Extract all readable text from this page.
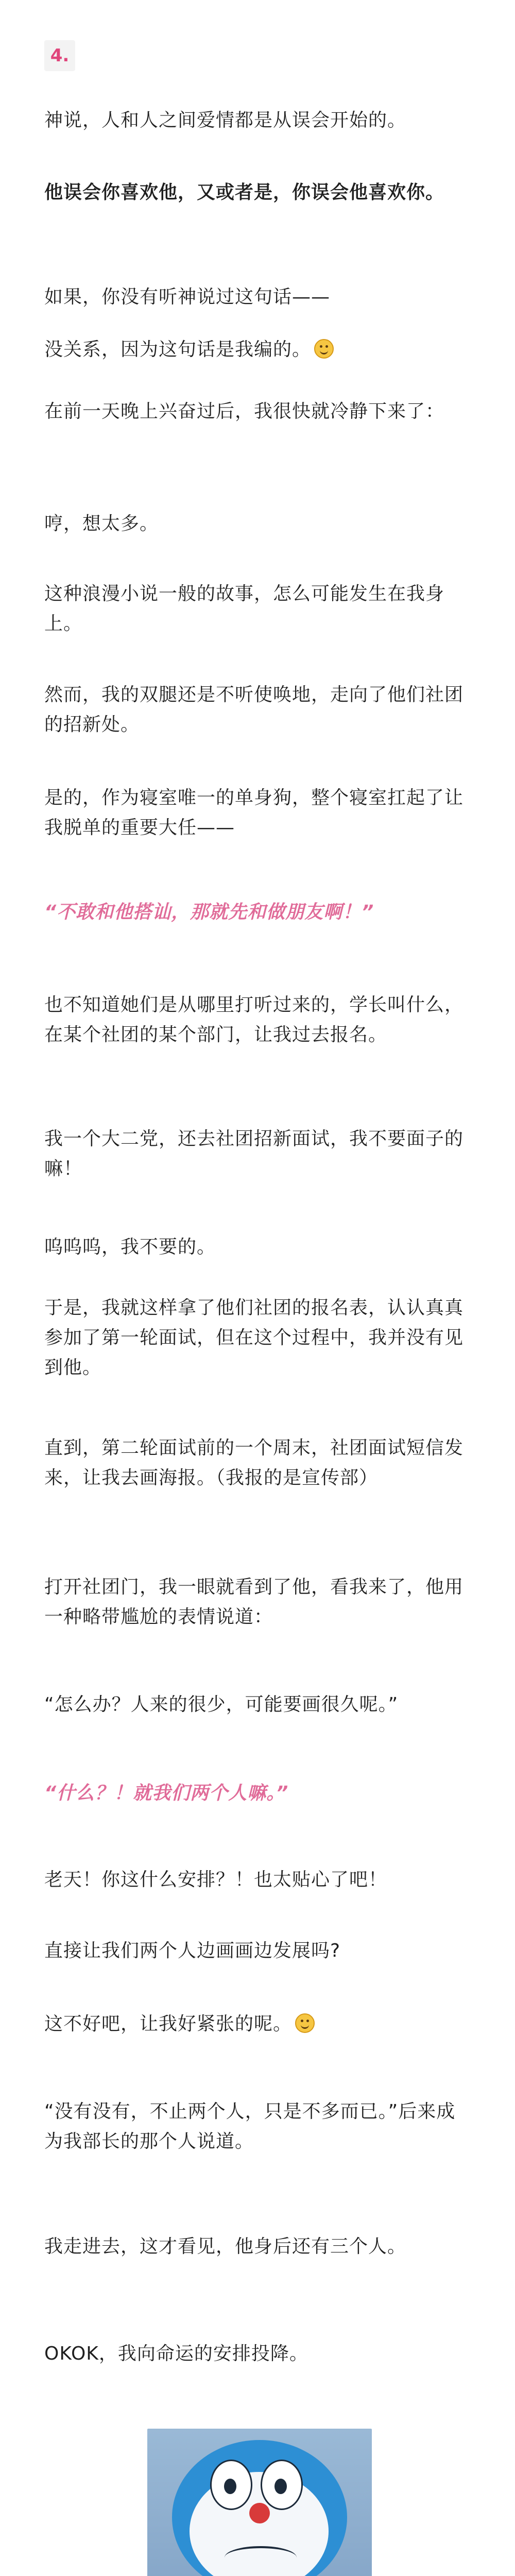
4.

神说，人和人之间爱情都是从误会开始的。

他误会你喜欢他，又或者是，你误会他喜欢你。

如果，你没有听神说过这句话——

没关系，因为这句话是我编的。

在前一天晚上兴奋过后，我很快就冷静下来了：

哼，想太多。

这种浪漫小说一般的故事，怎么可能发生在我身上。

然而，我的双腿还是不听使唤地，走向了他们社团的招新处。

是的，作为寝室唯一的单身狗，整个寝室扛起了让我脱单的重要大任——

“不敢和他搭讪，那就先和做朋友啊！”

也不知道她们是从哪里打听过来的，学长叫什么，在某个社团的某个部门，让我过去报名。

我一个大二党，还去社团招新面试，我不要面子的嘛！

呜呜呜，我不要的。

于是，我就这样拿了他们社团的报名表，认认真真参加了第一轮面试，但在这个过程中，我并没有见到他。

直到，第二轮面试前的一个周末，社团面试短信发来，让我去画海报。（我报的是宣传部）

打开社团门，我一眼就看到了他，看我来了，他用一种略带尴尬的表情说道：

“怎么办？人来的很少，可能要画很久呢。”

“什么？！就我们两个人嘛。”

老天！你这什么安排？！也太贴心了吧！

直接让我们两个人边画画边发展吗?

这不好吧，让我好紧张的呢。

“没有没有，不止两个人，只是不多而已。”后来成为我部长的那个人说道。

我走进去，这才看见，他身后还有三个人。

OKOK，我向命运的安排投降。
